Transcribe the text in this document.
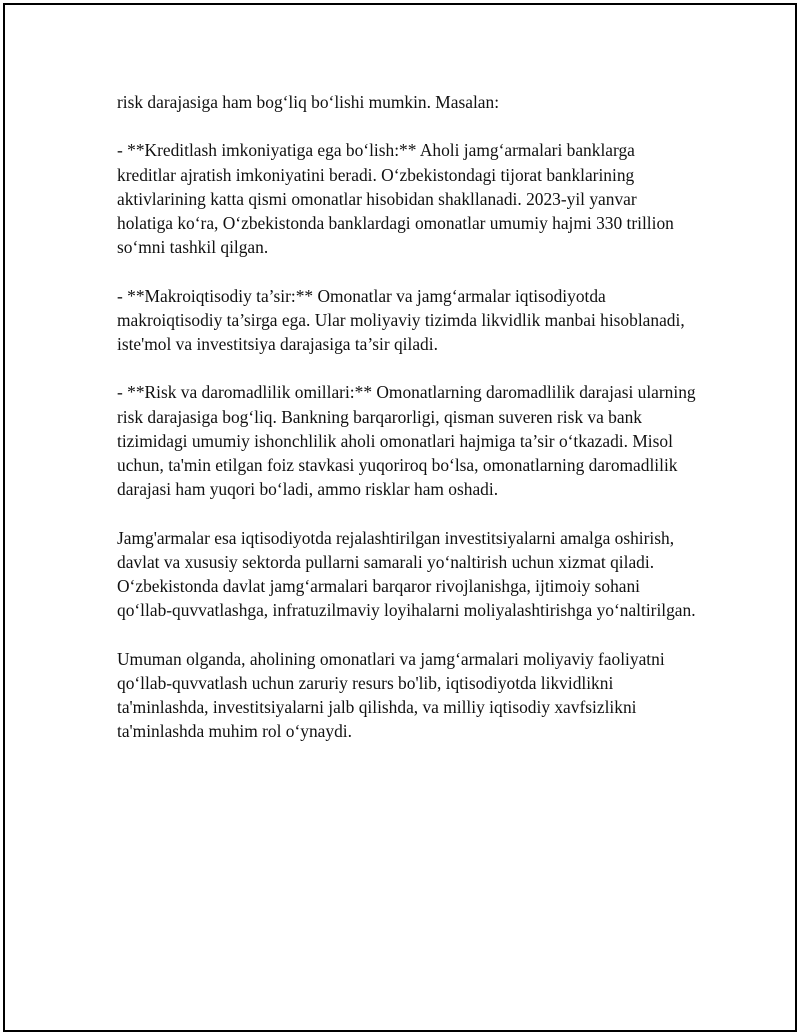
risk darajasiga ham bog‘liq bo‘lishi mumkin. Masalan:

- **Kreditlash imkoniyatiga ega bo‘lish:** Aholi jamg‘armalari banklarga kreditlar ajratish imkoniyatini beradi. O‘zbekistondagi tijorat banklarining aktivlarining katta qismi omonatlar hisobidan shakllanadi. 2023-yil yanvar holatiga ko‘ra, O‘zbekistonda banklardagi omonatlar umumiy hajmi 330 trillion so‘mni tashkil qilgan.

- **Makroiqtisodiy ta’sir:** Omonatlar va jamg‘armalar iqtisodiyotda makroiqtisodiy ta’sirga ega. Ular moliyaviy tizimda likvidlik manbai hisoblanadi, iste'mol va investitsiya darajasiga ta’sir qiladi.

- **Risk va daromadlilik omillari:** Omonatlarning daromadlilik darajasi ularning risk darajasiga bog‘liq. Bankning barqarorligi, qisman suveren risk va bank tizimidagi umumiy ishonchlilik aholi omonatlari hajmiga ta’sir o‘tkazadi. Misol uchun, ta'min etilgan foiz stavkasi yuqoriroq bo‘lsa, omonatlarning daromadlilik darajasi ham yuqori bo‘ladi, ammo risklar ham oshadi.

Jamg'armalar esa iqtisodiyotda rejalashtirilgan investitsiyalarni amalga oshirish, davlat va xususiy sektorda pullarni samarali yo‘naltirish uchun xizmat qiladi. O‘zbekistonda davlat jamg‘armalari barqaror rivojlanishga, ijtimoiy sohani qo‘llab-quvvatlashga, infratuzilmaviy loyihalarni moliyalashtirishga yo‘naltirilgan.

Umuman olganda, aholining omonatlari va jamg‘armalari moliyaviy faoliyatni qo‘llab-quvvatlash uchun zaruriy resurs bo'lib, iqtisodiyotda likvidlikni ta'minlashda, investitsiyalarni jalb qilishda, va milliy iqtisodiy xavfsizlikni ta'minlashda muhim rol o‘ynaydi.
